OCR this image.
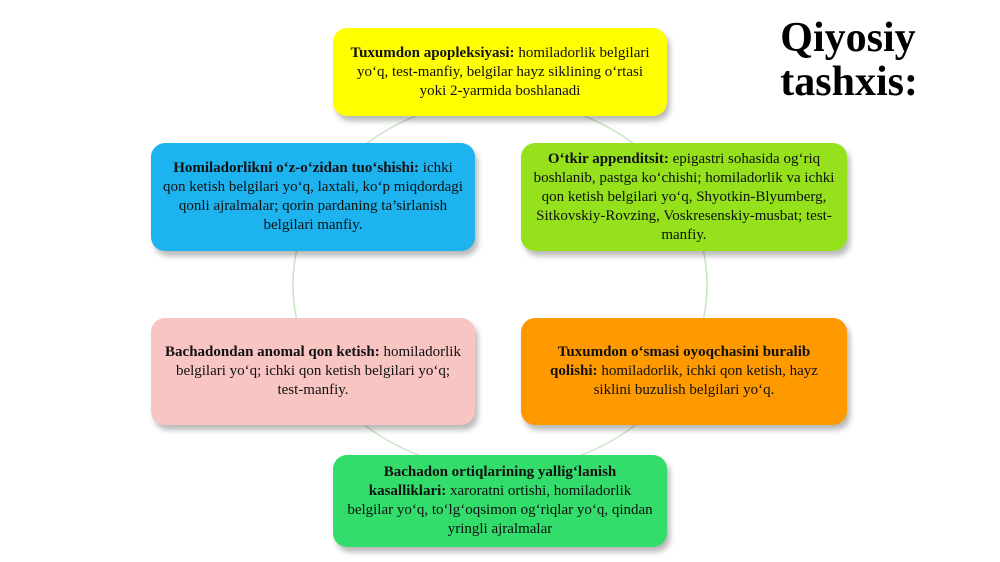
Qiyosiy
tashxis:

Tuxumdon apopleksiyasi: homiladorlik belgilari yo‘q, test-manfiy, belgilar hayz siklining o‘rtasi yoki 2-yarmida boshlanadi

Homiladorlikni o‘z-o‘zidan tuo‘shishi: ichki qon ketish belgilari yo‘q, laxtali, ko‘p miqdordagi qonli ajralmalar; qorin pardaning ta’sirlanish belgilari manfiy.

O‘tkir appenditsit: epigastri sohasida og‘riq boshlanib, pastga ko‘chishi; homiladorlik va ichki qon ketish belgilari yo‘q, Shyotkin-Blyumberg, Sitkovskiy-Rovzing, Voskresenskiy-musbat; test-manfiy.

Bachadondan anomal qon ketish: homiladorlik belgilari yo‘q; ichki qon ketish belgilari yo‘q; test-manfiy.

Tuxumdon o‘smasi oyoqchasini buralib qolishi: homiladorlik, ichki qon ketish, hayz siklini buzulish belgilari yo‘q.

Bachadon ortiqlarining yallig‘lanish kasalliklari: xaroratni ortishi, homiladorlik belgilar yo‘q, to‘lg‘oqsimon og‘riqlar yo‘q, qindan yringli ajralmalar
